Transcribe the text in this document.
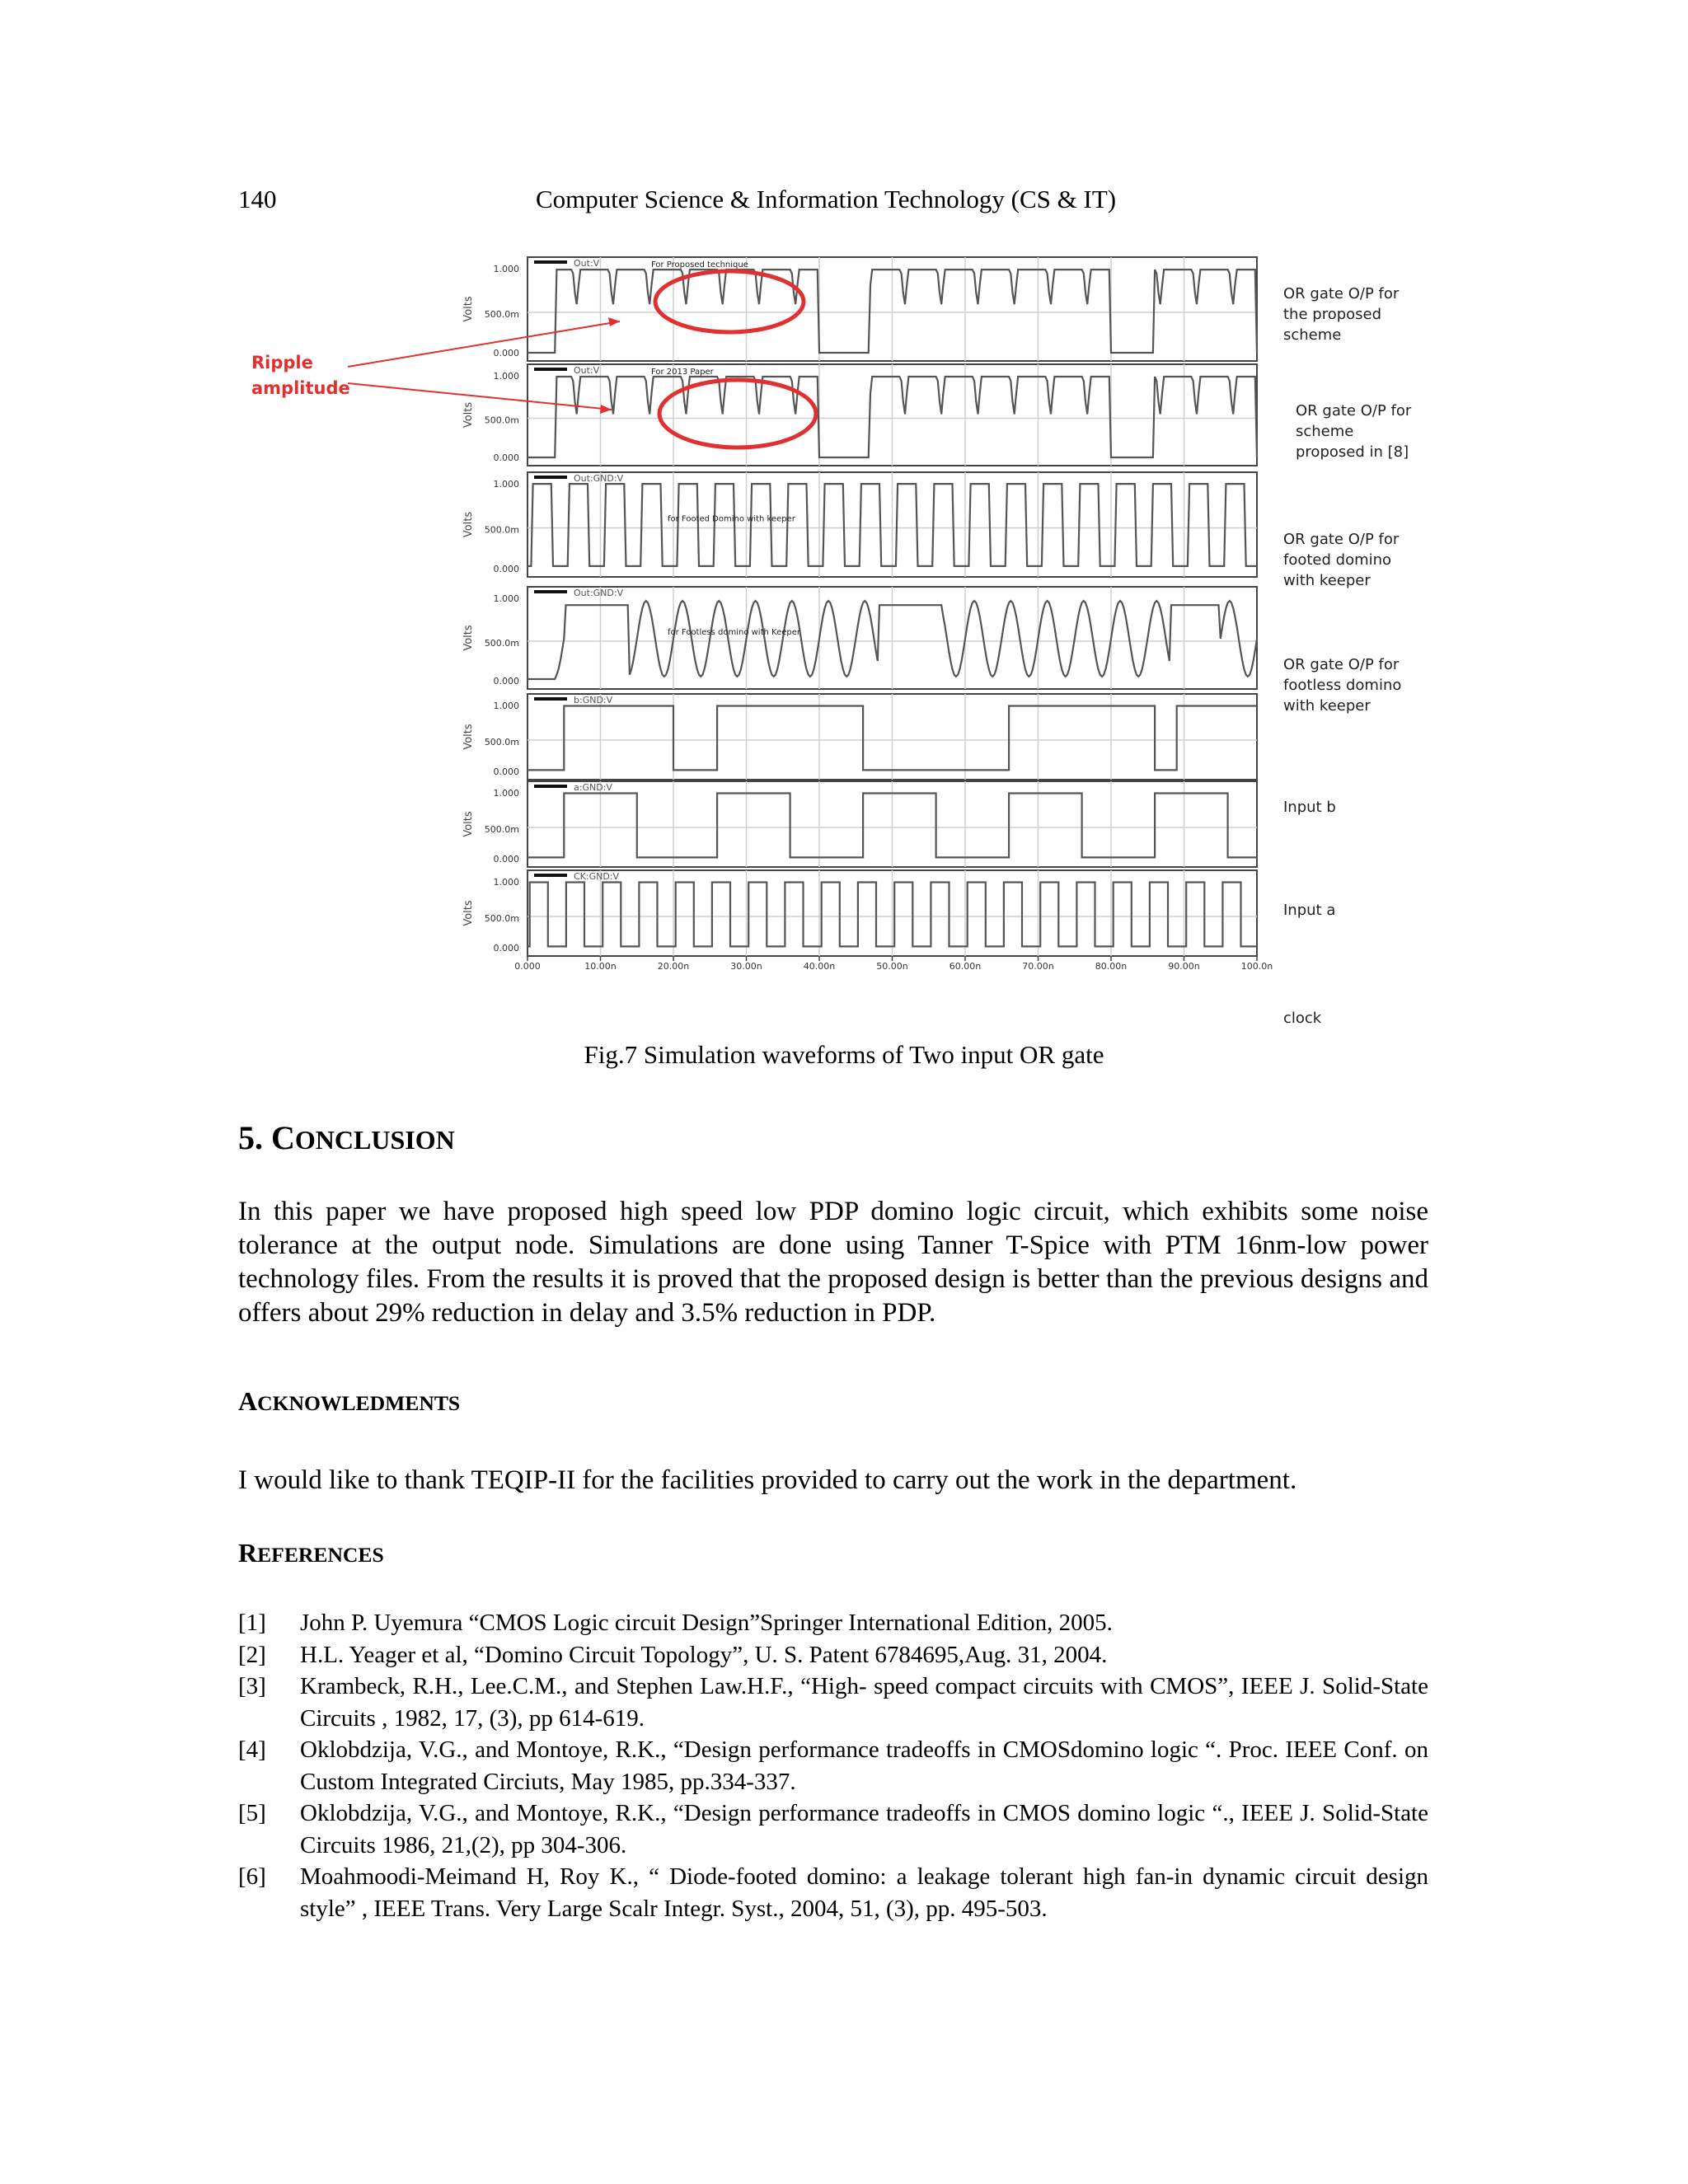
140	Computer Science & Information Technology (CS & IT)
1.000
500.0m
0.000
Volts
Out:V	For Proposed technique
OR gate O/P for
the proposed
scheme
1.000
500.0m
0.000
Volts
Out:V	For 2013 Paper
OR gate O/P for
scheme
proposed in [8]
1.000
500.0m
0.000
Volts
Out:GND:V
for Footed Domino with keeper
OR gate O/P for
footed domino
with keeper
1.000
500.0m
0.000
Volts
Out:GND:V
for Footless domino with Keeper
OR gate O/P for
footless domino
with keeper
1.000
500.0m
0.000
Volts
b:GND:V
1.000
500.0m
0.000
Volts
a:GND:V
Input b
1.000
500.0m
0.000
Volts
CK:GND:V
Input a
0.000	10.00n	20.00n	30.00n	40.00n	50.00n	60.00n	70.00n	80.00n	90.00n	100.0n
clock
Ripple
amplitude
Fig.7 Simulation waveforms of Two input OR gate
5. CONCLUSION
In this paper we have proposed high speed low PDP domino logic circuit, which exhibits some noise tolerance at the output node. Simulations are done using Tanner T-Spice with PTM 16nm-low power technology files. From the results it is proved that the proposed design is better than the previous designs and offers about 29% reduction in delay and 3.5% reduction in PDP.
ACKNOWLEDMENTS
I would like to thank TEQIP-II for the facilities provided to carry out the work in the department.
REFERENCES
[1]	John P. Uyemura “CMOS Logic circuit Design”Springer International Edition, 2005.
[2]	H.L. Yeager et al, “Domino Circuit Topology”, U. S. Patent 6784695,Aug. 31, 2004.
[3]	Krambeck, R.H., Lee.C.M., and Stephen Law.H.F., “High- speed compact circuits with CMOS”, IEEE J. Solid-State Circuits , 1982, 17, (3), pp 614-619.
[4]	Oklobdzija, V.G., and Montoye, R.K., “Design performance tradeoffs in CMOSdomino logic “. Proc. IEEE Conf. on Custom Integrated Circiuts, May 1985, pp.334-337.
[5]	Oklobdzija, V.G., and Montoye, R.K., “Design performance tradeoffs in CMOS domino logic “., IEEE J. Solid-State Circuits 1986, 21,(2), pp 304-306.
[6]	Moahmoodi-Meimand H, Roy K., “ Diode-footed domino: a leakage tolerant high fan-in dynamic circuit design style” , IEEE Trans. Very Large Scalr Integr. Syst., 2004, 51, (3), pp. 495-503.
